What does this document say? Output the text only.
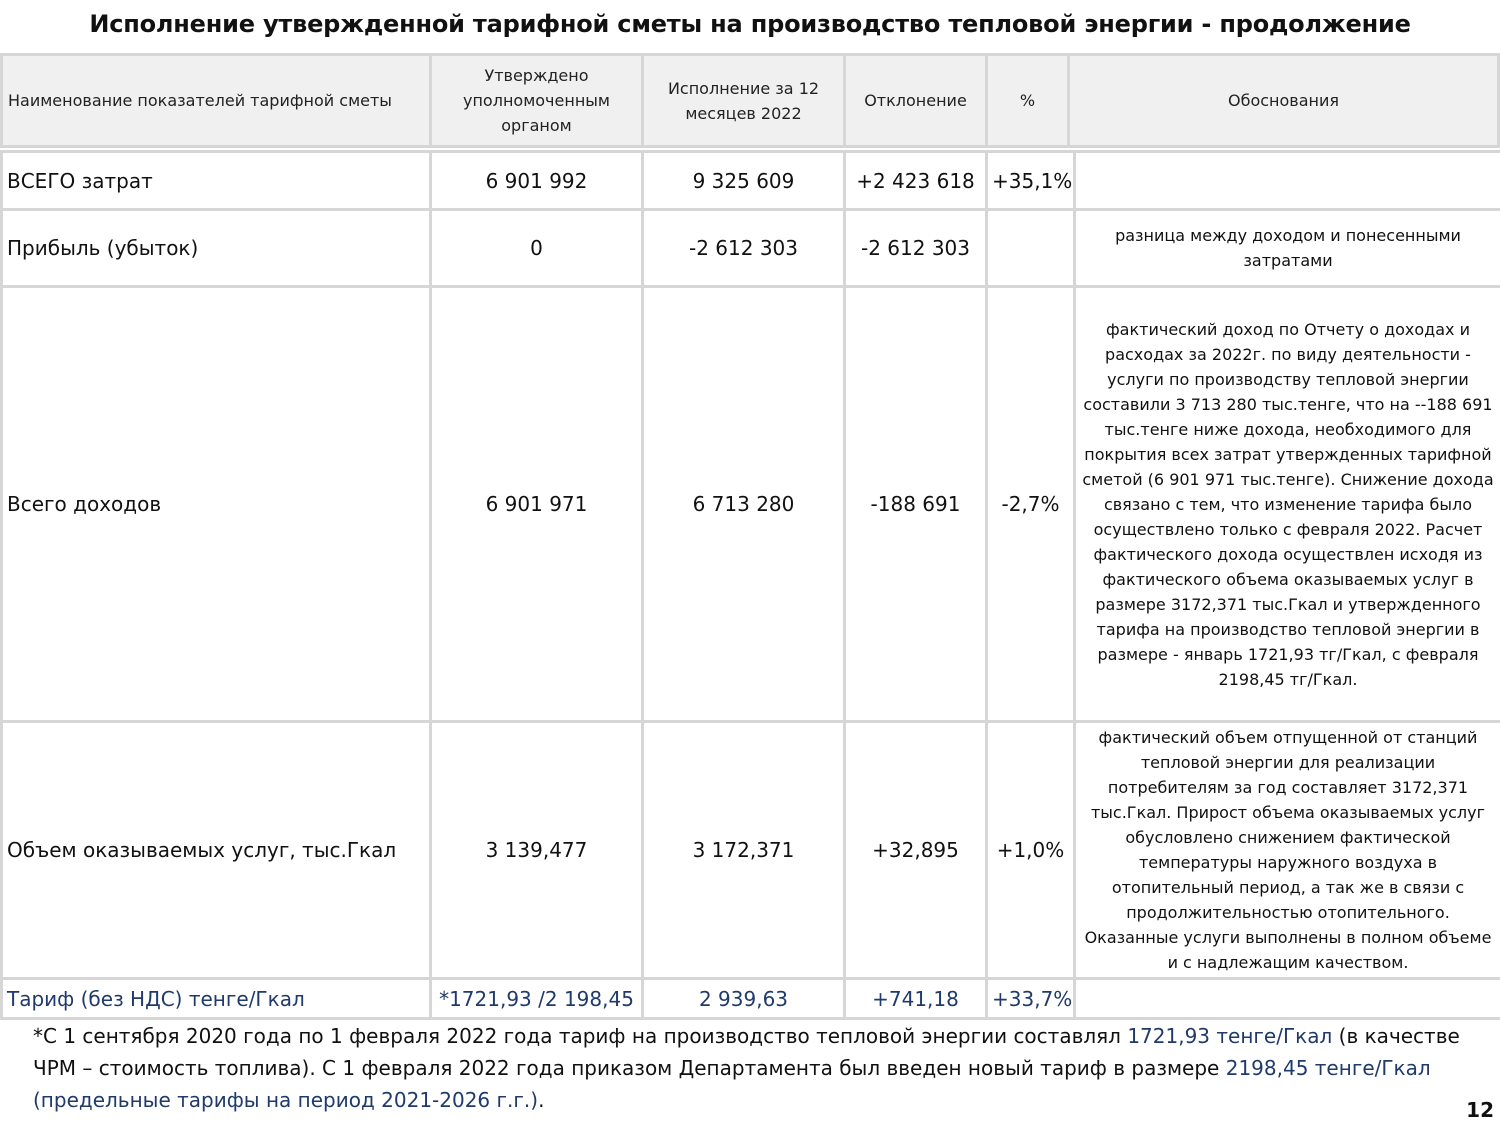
Исполнение утвержденной тарифной сметы на производство тепловой энергии - продолжение
Наименование показателей тарифной сметы	Утверждено уполномоченным органом	Исполнение за 12 месяцев 2022	Отклонение	%	Обоснования
ВСЕГО затрат	6 901 992	9 325 609	+2 423 618	+35,1%	
Прибыль (убыток)	0	-2 612 303	-2 612 303		разница между доходом и понесенными затратами
Всего доходов	6 901 971	6 713 280	-188 691	-2,7%	фактический доход по Отчету о доходах и расходах за 2022г. по виду деятельности - услуги по производству тепловой энергии составили 3 713 280 тыс.тенге, что на --188 691 тыс.тенге ниже дохода, необходимого для покрытия всех затрат утвержденных тарифной сметой (6 901 971 тыс.тенге). Снижение дохода связано с тем, что изменение тарифа было осуществлено только с февраля 2022. Расчет фактического дохода осуществлен исходя из фактического объема оказываемых услуг в размере 3172,371 тыс.Гкал и утвержденного тарифа на производство тепловой энергии в размере - январь 1721,93 тг/Гкал, с февраля 2198,45 тг/Гкал.
Объем оказываемых услуг, тыс.Гкал	3 139,477	3 172,371	+32,895	+1,0%	фактический объем отпущенной от станций тепловой энергии для реализации потребителям за год составляет 3172,371 тыс.Гкал. Прирост объема оказываемых услуг обусловлено снижением фактической температуры наружного воздуха в отопительный период, а так же в связи с продолжительностью отопительного. Оказанные услуги выполнены в полном объеме и с надлежащим качеством.
Тариф (без НДС) тенге/Гкал	*1721,93 /2 198,45	2 939,63	+741,18	+33,7%	
*С 1 сентября 2020 года по 1 февраля 2022 года тариф на производство тепловой энергии составлял 1721,93 тенге/Гкал (в качестве ЧРМ – стоимость топлива). С 1 февраля 2022 года приказом Департамента был введен новый тариф в размере 2198,45 тенге/Гкал (предельные тарифы на период 2021-2026 г.г.).	12
